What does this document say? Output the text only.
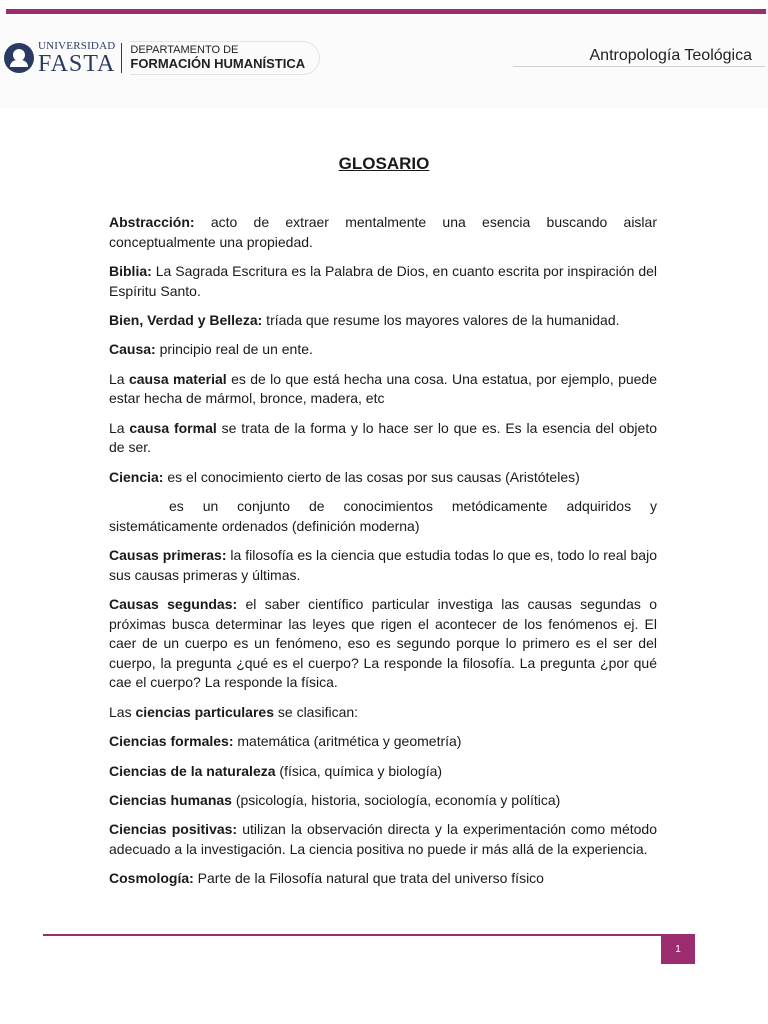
UNIVERSIDAD
FASTA
DEPARTAMENTO DE
FORMACIÓN HUMANÍSTICA	Antropología Teológica
GLOSARIO

Abstracción: acto de extraer mentalmente una esencia buscando aislar conceptualmente una propiedad.

Biblia: La Sagrada Escritura es la Palabra de Dios, en cuanto escrita por inspiración del Espíritu Santo.

Bien, Verdad y Belleza: tríada que resume los mayores valores de la humanidad.

Causa: principio real de un ente.

La causa material es de lo que está hecha una cosa. Una estatua, por ejemplo, puede estar hecha de mármol, bronce, madera, etc

La causa formal se trata de la forma y lo hace ser lo que es. Es la esencia del objeto de ser.

Ciencia: es el conocimiento cierto de las cosas por sus causas (Aristóteles)

es un conjunto de conocimientos metódicamente adquiridos y sistemáticamente ordenados (definición moderna)

Causas primeras: la filosofía es la ciencia que estudia todas lo que es, todo lo real bajo sus causas primeras y últimas.

Causas segundas: el saber científico particular investiga las causas segundas o próximas busca determinar las leyes que rigen el acontecer de los fenómenos ej. El caer de un cuerpo es un fenómeno, eso es segundo porque lo primero es el ser del cuerpo, la pregunta ¿qué es el cuerpo? La responde la filosofía. La pregunta ¿por qué cae el cuerpo? La responde la física.

Las ciencias particulares se clasifican:

Ciencias formales: matemática (aritmética y geometría)

Ciencias de la naturaleza (física, química y biología)

Ciencias humanas (psicología, historia, sociología, economía y política)

Ciencias positivas: utilizan la observación directa y la experimentación como método adecuado a la investigación. La ciencia positiva no puede ir más allá de la experiencia.

Cosmología: Parte de la Filosofía natural que trata del universo físico

1
